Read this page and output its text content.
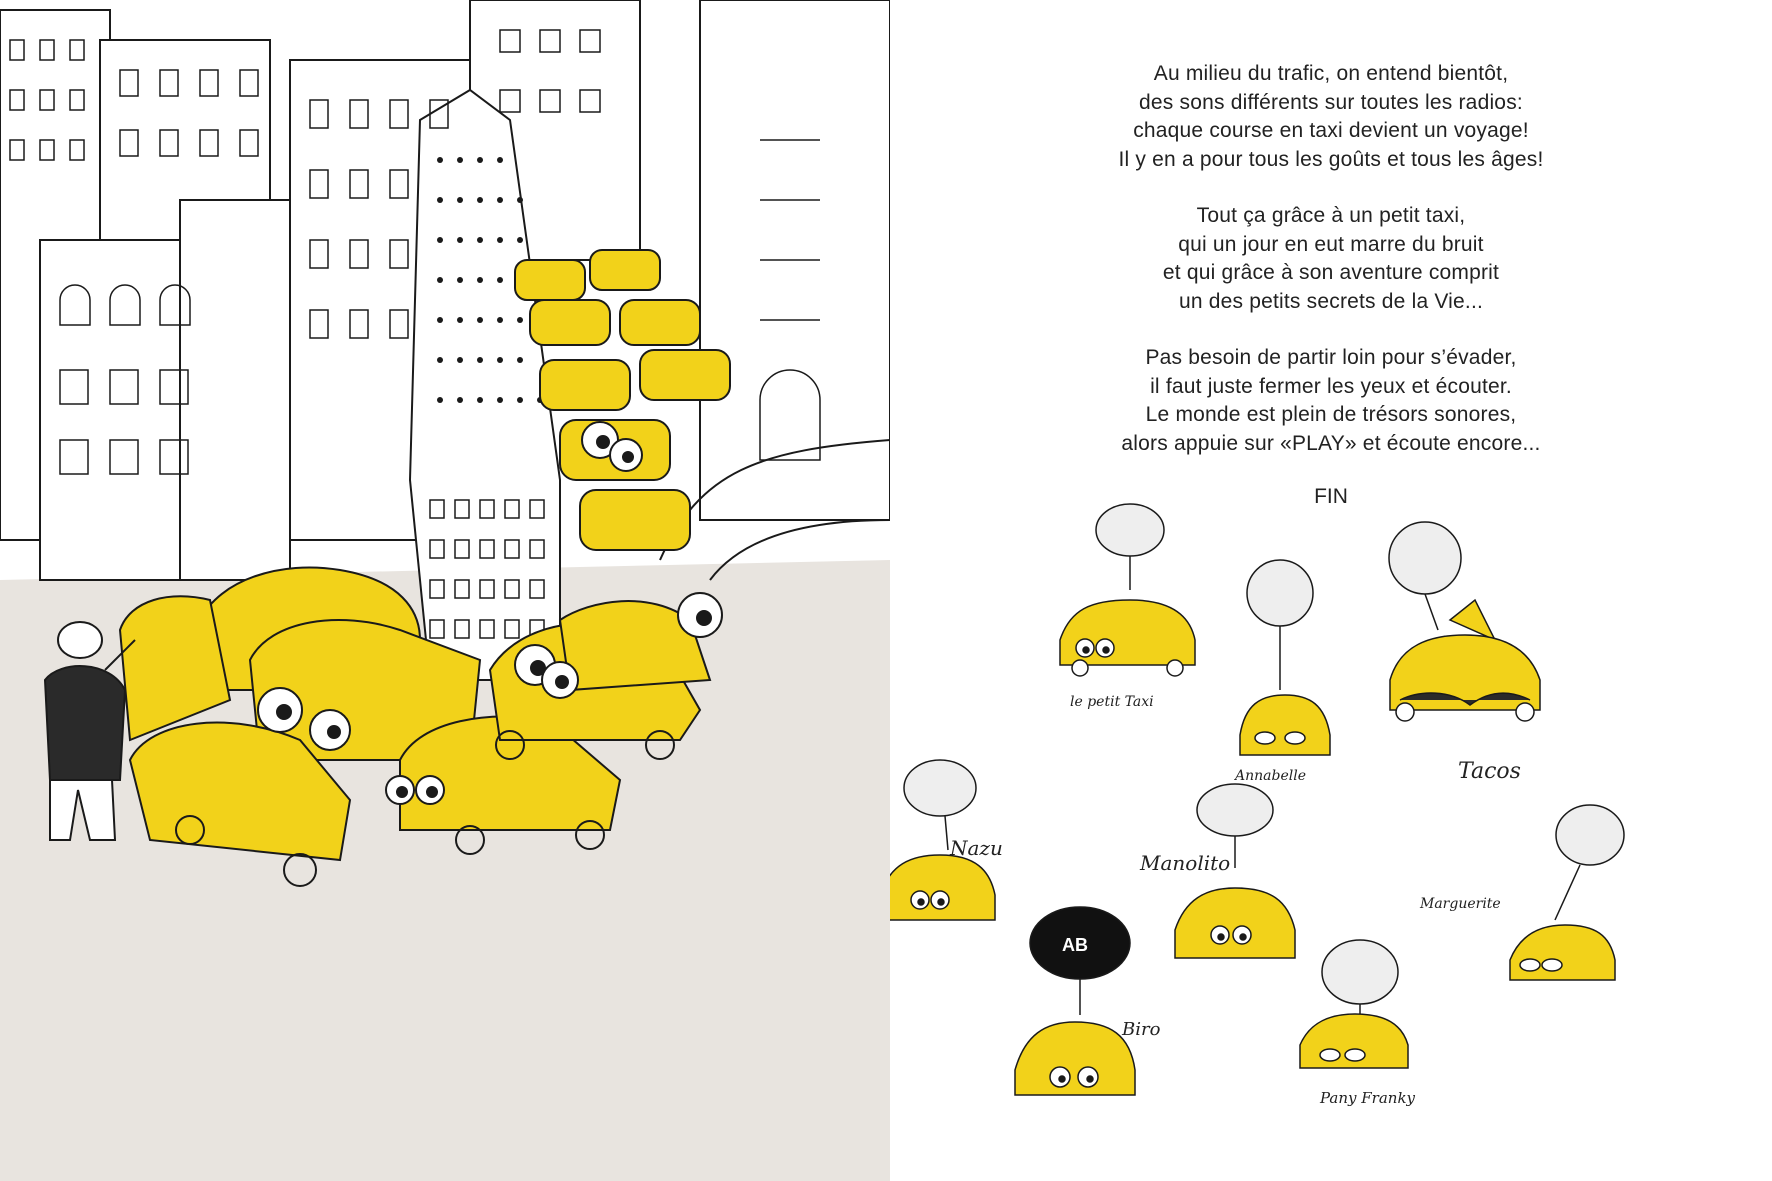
Au milieu du trafic, on entend bientôt,
des sons différents sur toutes les radios:
chaque course en taxi devient un voyage!
Il y en a pour tous les goûts et tous les âges!
Tout ça grâce à un petit taxi,
qui un jour en eut marre du bruit
et qui grâce à son aventure comprit
un des petits secrets de la Vie...
Pas besoin de partir loin pour s’évader,
il faut juste fermer les yeux et écouter.
Le monde est plein de trésors sonores,
alors appuie sur «PLAY» et écoute encore...
FIN
le petit Taxi
Annabelle	Tacos
Nazu
Manolito
Marguerite
AB
Biro
Pany Franky
